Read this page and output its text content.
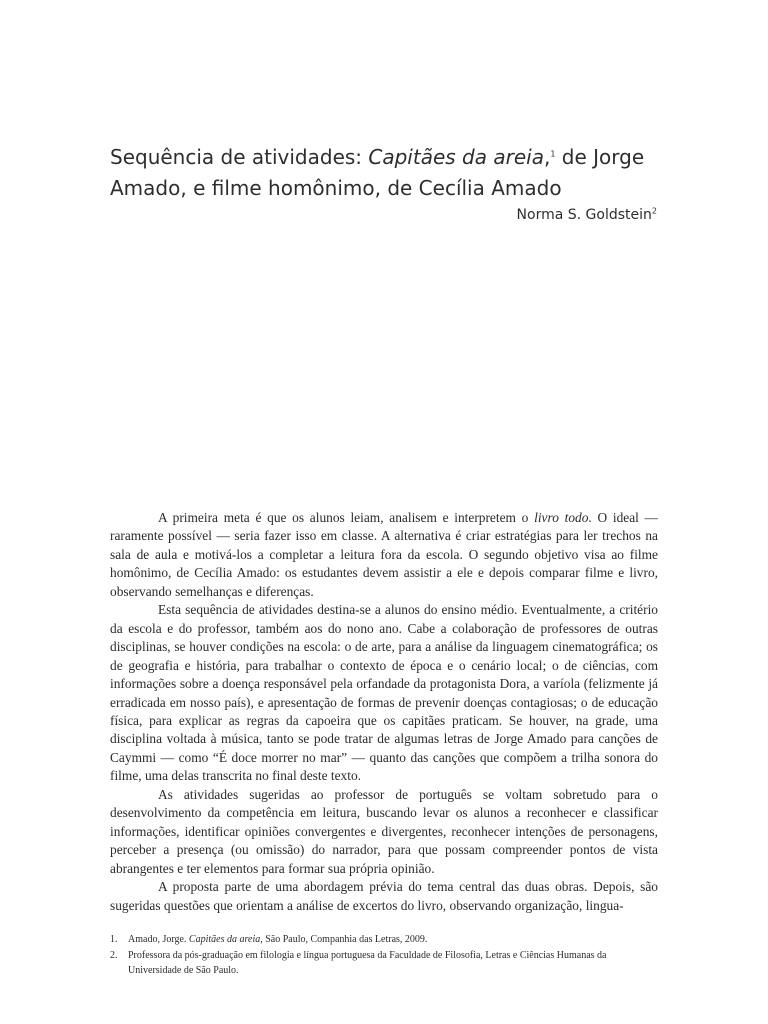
Sequência de atividades: Capitães da areia,$^1$ de Jorge
Amado, e filme homônimo, de Cecília Amado
Norma S. Goldstein$^2$

A primeira meta é que os alunos leiam, analisem e interpretem o livro todo. O ideal — raramente possível — seria fazer isso em classe. A alternativa é criar estratégias para ler trechos na sala de aula e motivá-los a completar a leitura fora da escola. O segundo objetivo visa ao filme homônimo, de Cecília Amado: os estudantes devem assistir a ele e depois comparar filme e livro, observando semelhanças e diferenças.

Esta sequência de atividades destina-se a alunos do ensino médio. Eventualmente, a critério da escola e do professor, também aos do nono ano. Cabe a colaboração de professores de outras disciplinas, se houver condições na escola: o de arte, para a análise da linguagem cinematográfica; os de geografia e história, para trabalhar o contexto de época e o cenário local; o de ciências, com informações sobre a doença responsável pela orfandade da protagonista Dora, a varíola (felizmente já erradicada em nosso país), e apresentação de formas de prevenir doenças contagiosas; o de educação física, para explicar as regras da capoeira que os capitães praticam. Se houver, na grade, uma disciplina voltada à música, tanto se pode tratar de algumas letras de Jorge Amado para canções de Caymmi — como “É doce morrer no mar” — quanto das canções que compõem a trilha sonora do filme, uma delas transcrita no final deste texto.

As atividades sugeridas ao professor de português se voltam sobretudo para o desenvolvimento da competência em leitura, buscando levar os alunos a reconhecer e classificar informações, identificar opiniões convergentes e divergentes, reconhecer intenções de personagens, perceber a presença (ou omissão) do narrador, para que possam compreender pontos de vista abrangentes e ter elementos para formar sua própria opinião.

A proposta parte de uma abordagem prévia do tema central das duas obras. Depois, são sugeridas questões que orientam a análise de excertos do livro, observando organização, lingua-

1.	Amado, Jorge. Capitães da areia, São Paulo, Companhia das Letras, 2009.
2.	Professora da pós-graduação em filologia e língua portuguesa da Faculdade de Filosofia, Letras e Ciências Humanas da Universidade de São Paulo.
